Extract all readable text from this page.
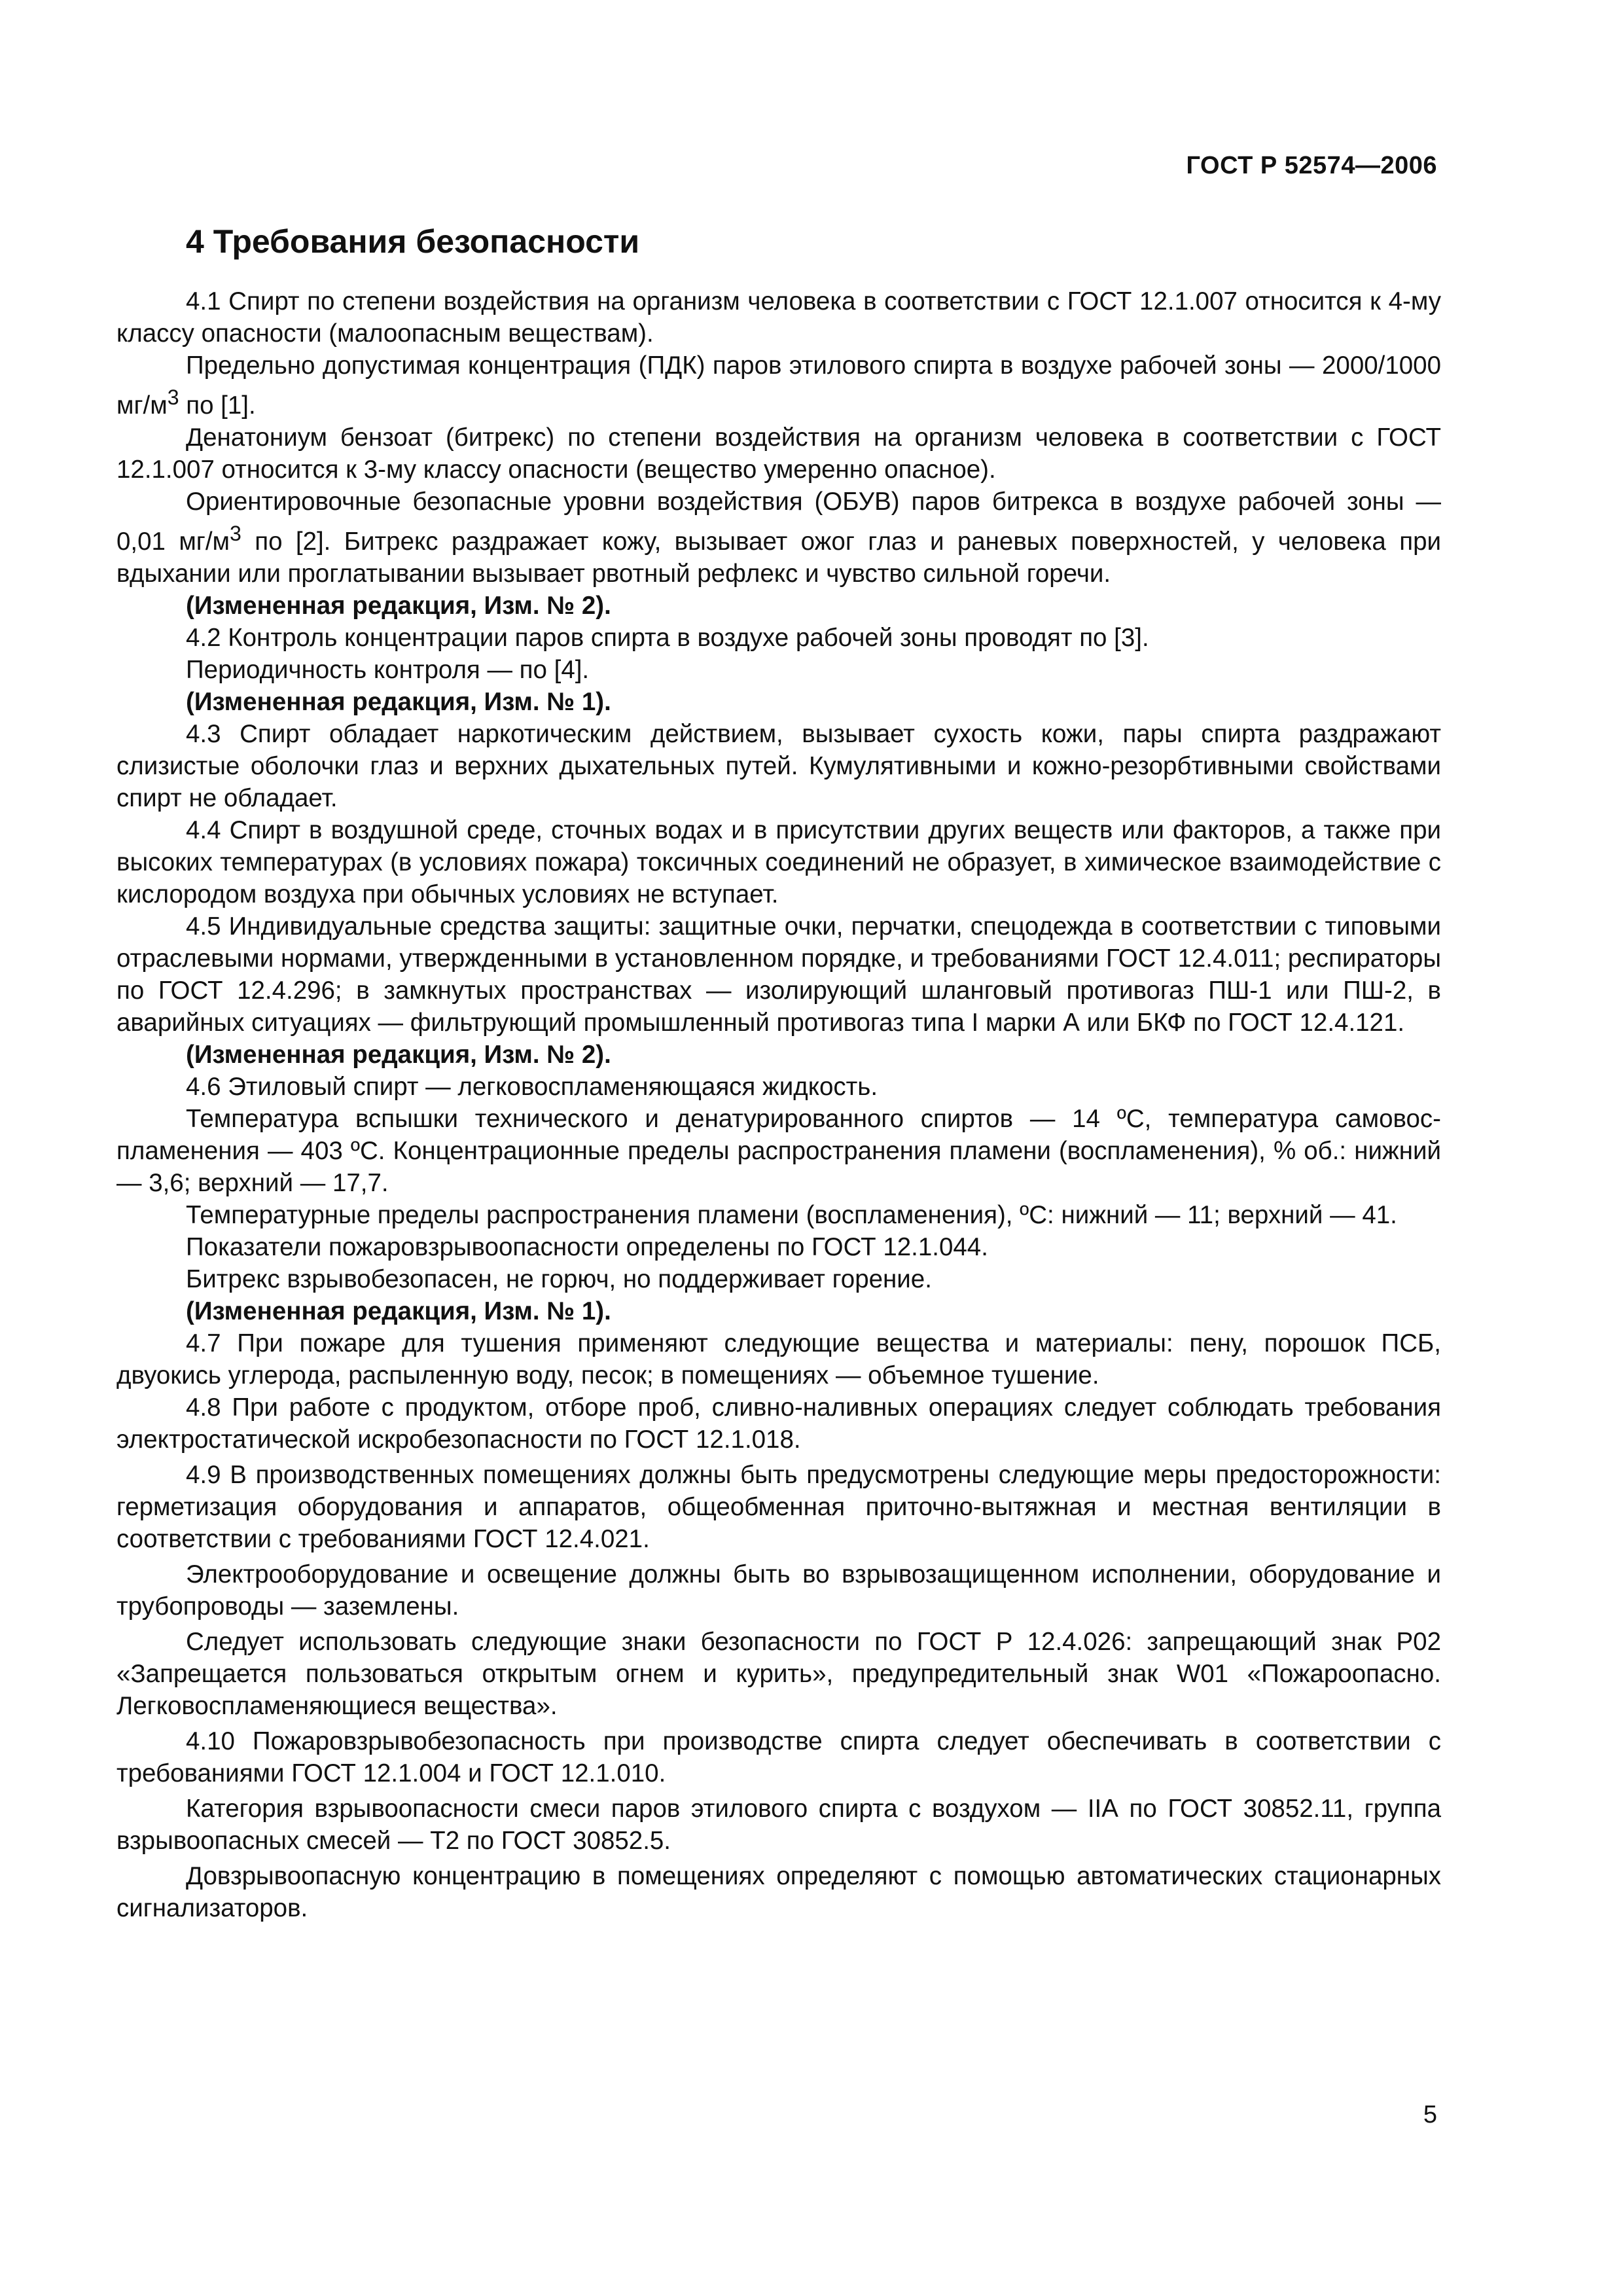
ГОСТ Р 52574—2006
4 Требования безопасности

4.1 Спирт по степени воздействия на организм человека в соответствии с ГОСТ 12.1.007 относится к 4-му классу опасности (малоопасным веществам).

Предельно допустимая концентрация (ПДК) паров этилового спирта в воздухе рабочей зоны — 2000/1000 $мг/м^3$ по [1].

Денатониум бензоат (битрекс) по степени воздействия на организм человека в соответствии с ГОСТ 12.1.007 относится к 3-му классу опасности (вещество умеренно опасное).

Ориентировочные безопасные уровни воздействия (ОБУВ) паров битрекса в воздухе рабочей зоны — 0,01 $мг/м^3$ по [2]. Битрекс раздражает кожу, вызывает ожог глаз и раневых поверхностей, у человека при вдыхании или проглатывании вызывает рвотный рефлекс и чувство сильной горечи.

(Измененная редакция, Изм. № 2).

4.2 Контроль концентрации паров спирта в воздухе рабочей зоны проводят по [3].

Периодичность контроля — по [4].

(Измененная редакция, Изм. № 1).

4.3 Спирт обладает наркотическим действием, вызывает сухость кожи, пары спирта раздражают слизистые оболочки глаз и верхних дыхательных путей. Кумулятивными и кожно-резорбтивными свойствами спирт не обладает.

4.4 Спирт в воздушной среде, сточных водах и в присутствии других веществ или факторов, а также при высоких температурах (в условиях пожара) токсичных соединений не образует, в химическое взаимодействие с кислородом воздуха при обычных условиях не вступает.

4.5 Индивидуальные средства защиты: защитные очки, перчатки, спецодежда в соответствии с типовыми отраслевыми нормами, утвержденными в установленном порядке, и требованиями ГОСТ 12.4.011; респираторы по ГОСТ 12.4.296; в замкнутых пространствах — изолирующий шланговый противогаз ПШ-1 или ПШ-2, в аварийных ситуациях — фильтрующий промышленный противогаз типа I марки А или БКФ по ГОСТ 12.4.121.

(Измененная редакция, Изм. № 2).

4.6 Этиловый спирт — легковоспламеняющаяся жидкость.

Температура вспышки технического и денатурированного спиртов — 14 ºС, температура самовоспламенения — 403 ºС. Концентрационные пределы распространения пламени (воспламенения), % об.: нижний — 3,6; верхний — 17,7.

Температурные пределы распространения пламени (воспламенения), ºС: нижний — 11; верхний — 41.

Показатели пожаровзрывоопасности определены по ГОСТ 12.1.044.

Битрекс взрывобезопасен, не горюч, но поддерживает горение.

(Измененная редакция, Изм. № 1).

4.7 При пожаре для тушения применяют следующие вещества и материалы: пену, порошок ПСБ, двуокись углерода, распыленную воду, песок; в помещениях — объемное тушение.

4.8 При работе с продуктом, отборе проб, сливно-наливных операциях следует соблюдать требования электростатической искробезопасности по ГОСТ 12.1.018.

4.9 В производственных помещениях должны быть предусмотрены следующие меры предосторожности: герметизация оборудования и аппаратов, общеобменная приточно-вытяжная и местная вентиляции в соответствии с требованиями ГОСТ 12.4.021.

Электрооборудование и освещение должны быть во взрывозащищенном исполнении, оборудование и трубопроводы — заземлены.

Следует использовать следующие знаки безопасности по ГОСТ Р 12.4.026: запрещающий знак Р02 «Запрещается пользоваться открытым огнем и курить», предупредительный знак W01 «Пожароопасно. Легковоспламеняющиеся вещества».

4.10 Пожаровзрывобезопасность при производстве спирта следует обеспечивать в соответствии с требованиями ГОСТ 12.1.004 и ГОСТ 12.1.010.

Категория взрывоопасности смеси паров этилового спирта с воздухом — IIА по ГОСТ 30852.11, группа взрывоопасных смесей — Т2 по ГОСТ 30852.5.

Довзрывоопасную концентрацию в помещениях определяют с помощью автоматических стационарных сигнализаторов.

5
